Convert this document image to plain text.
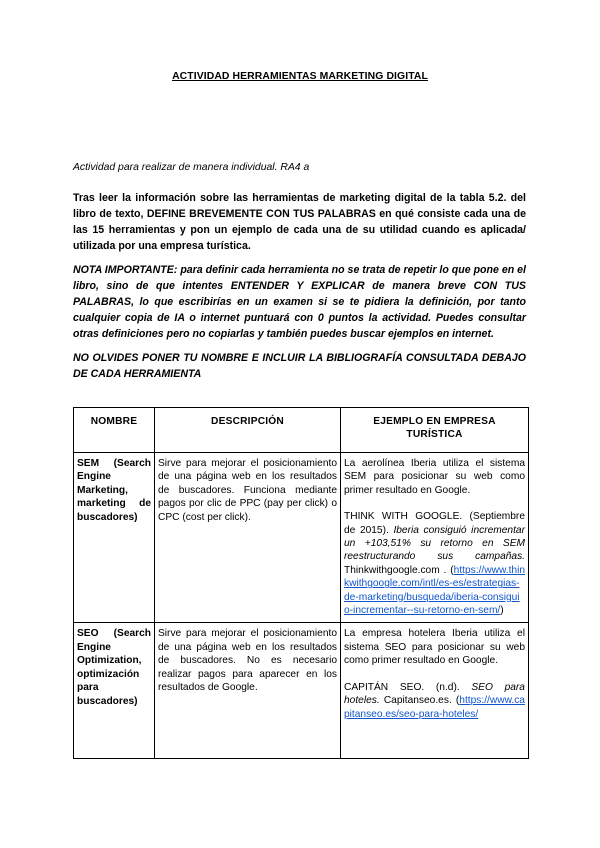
ACTIVIDAD HERRAMIENTAS MARKETING DIGITAL
Actividad para realizar de manera individual. RA4 a
Tras leer la información sobre las herramientas de marketing digital de la tabla 5.2. del libro de texto, DEFINE BREVEMENTE CON TUS PALABRAS en qué consiste cada una de las 15 herramientas y pon un ejemplo de cada una de su utilidad cuando es aplicada/ utilizada por una empresa turística.
NOTA IMPORTANTE: para definir cada herramienta no se trata de repetir lo que pone en el libro, sino de que intentes ENTENDER Y EXPLICAR de manera breve CON TUS PALABRAS, lo que escribirías en un examen si se te pidiera la definición, por tanto cualquier copia de IA o internet puntuará con 0 puntos la actividad. Puedes consultar otras definiciones pero no copiarlas y también puedes buscar ejemplos en internet.
NO OLVIDES PONER TU NOMBRE E INCLUIR LA BIBLIOGRAFÍA CONSULTADA DEBAJO DE CADA HERRAMIENTA
NOMBRE	DESCRIPCIÓN	EJEMPLO EN EMPRESA TURÍSTICA
SEM (Search Engine Marketing, marketing de buscadores)	Sirve para mejorar el posicionamiento de una página web en los resultados de buscadores. Funciona mediante pagos por clic de PPC (pay per click) o CPC (cost per click).	La aerolínea Iberia utiliza el sistema SEM para posicionar su web como primer resultado en Google.
THINK WITH GOOGLE. (Septiembre de 2015). Iberia consiguió incrementar un +103,51% su retorno en SEM reestructurando sus campañas. Thinkwithgoogle.com . (https://www.thinkwithgoogle.com/intl/es-es/estrategias-de-marketing/busqueda/iberia-consiguio-incrementar--su-retorno-en-sem/)

SEO (Search Engine Optimization, optimización para buscadores)	Sirve para mejorar el posicionamiento de una página web en los resultados de buscadores. No es necesario realizar pagos para aparecer en los resultados de Google.	La empresa hotelera Iberia utiliza el sistema SEO para posicionar su web como primer resultado en Google.
CAPITÁN SEO. (n.d). SEO para hoteles. Capitanseo.es. (https://www.capitanseo.es/seo-para-hoteles/
